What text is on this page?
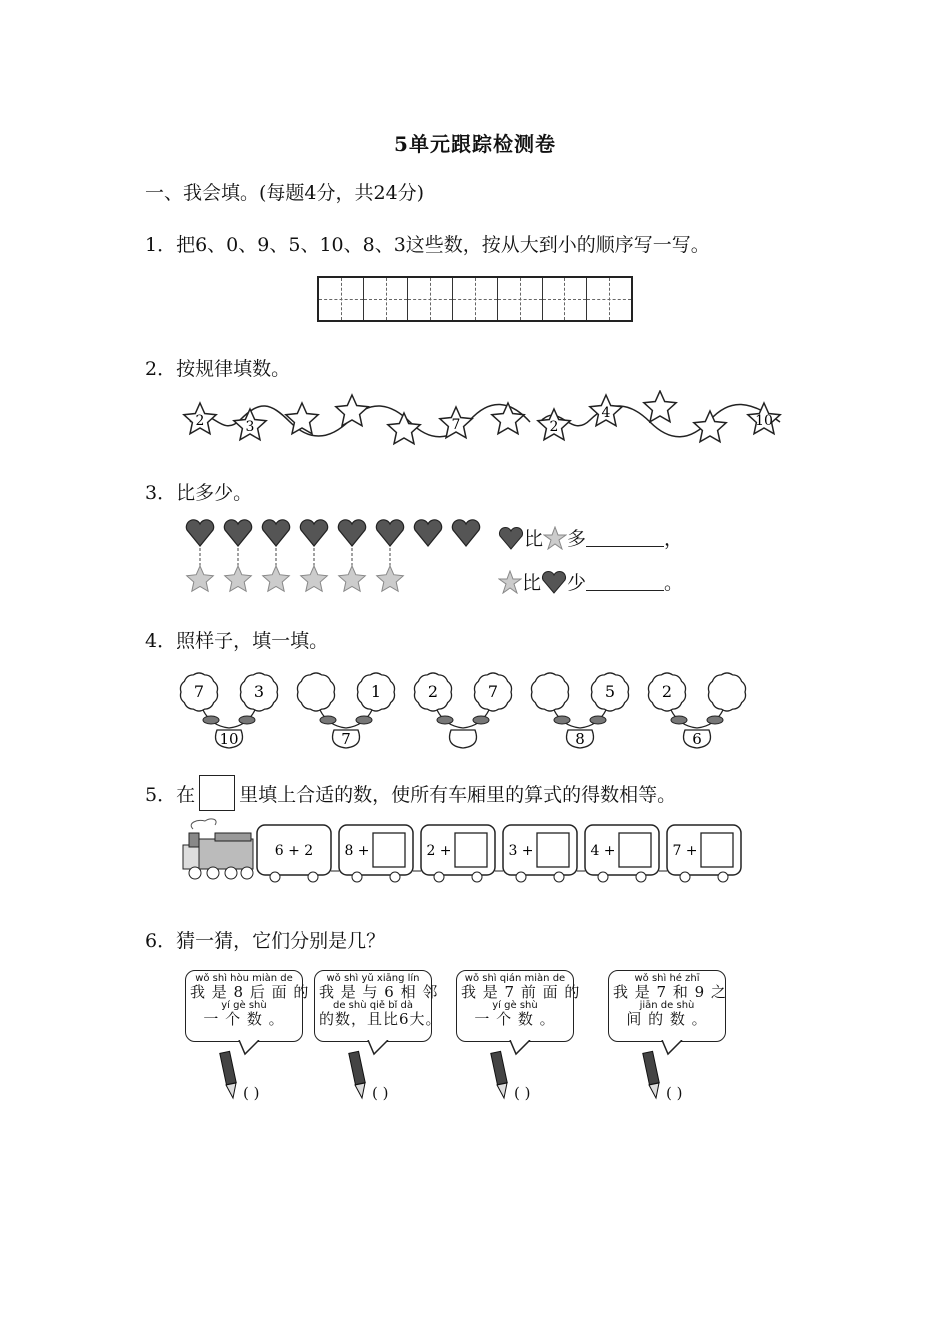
5单元跟踪检测卷
一、我会填。(每题4分，共24分)
1．把6、0、9、5、10、8、3这些数，按从大到小的顺序写一写。
2．按规律填数。
2	3	7	2
4	10
3．比多少。
比 多	，
比 少	。
4．照样子，填一填。
7	3
10
1
7
2	7	5
8
2
6
5．在 里填上合适的数，使所有车厢里的算式的得数相等。
6 + 2 8 +	2 +	3 +	4 +	7 +
6．猜一猜，它们分别是几？
wǒ shì hòu miàn de
我 是 8 后 面 的
yí gè shù
一 个 数 。
( )
wǒ shì yǔ xiāng lín
我 是 与 6 相 邻
de shù qiě bǐ dà
的数，且比6大。
( )
wǒ shì qián miàn de
我 是 7 前 面 的
yí gè shù
一 个 数 。
( )
wǒ shì hé zhī
我 是 7 和 9 之
jiān de shù
间 的 数 。
( )
